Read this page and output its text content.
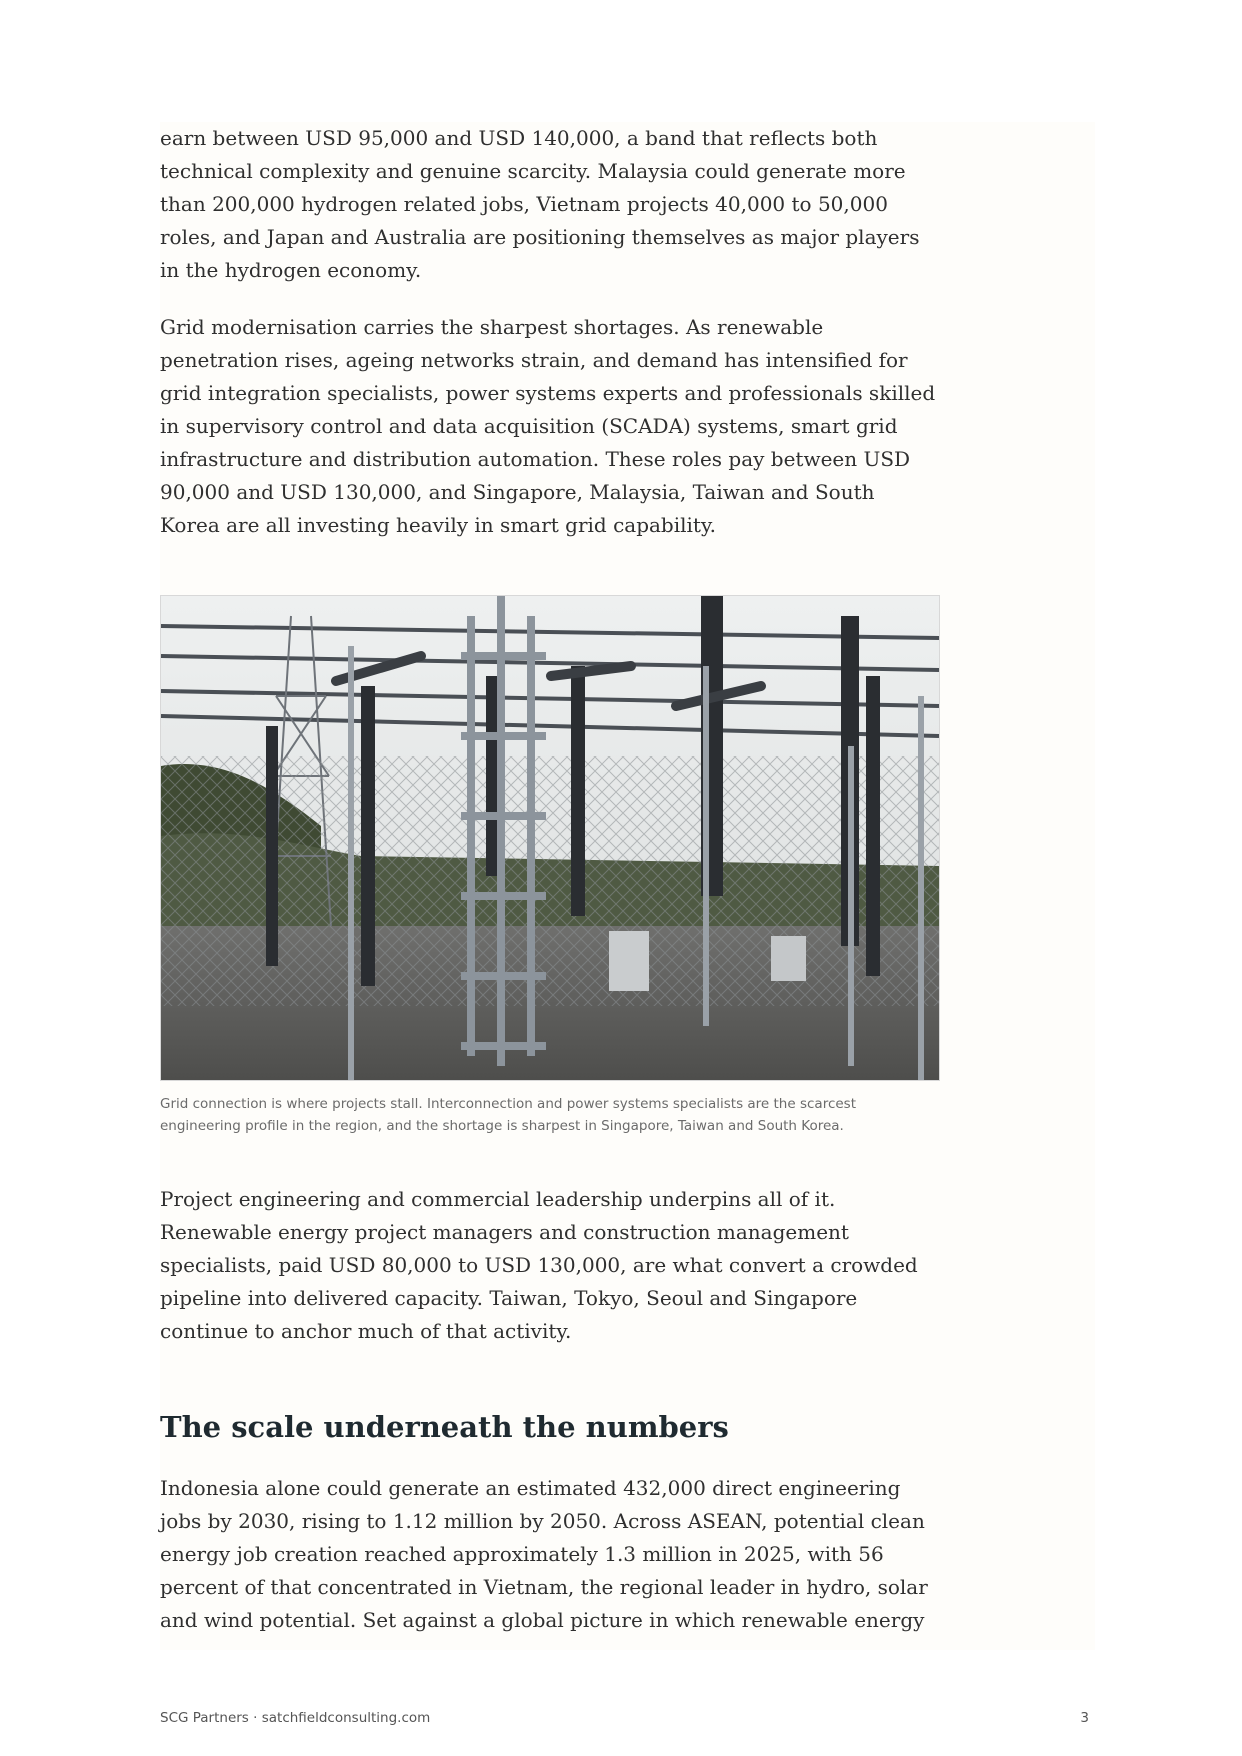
earn between USD 95,000 and USD 140,000, a band that reflects both technical complexity and genuine scarcity. Malaysia could generate more than 200,000 hydrogen related jobs, Vietnam projects 40,000 to 50,000 roles, and Japan and Australia are positioning themselves as major players in the hydrogen economy.

Grid modernisation carries the sharpest shortages. As renewable penetration rises, ageing networks strain, and demand has intensified for grid integration specialists, power systems experts and professionals skilled in supervisory control and data acquisition (SCADA) systems, smart grid infrastructure and distribution automation. These roles pay between USD 90,000 and USD 130,000, and Singapore, Malaysia, Taiwan and South Korea are all investing heavily in smart grid capability.

Grid connection is where projects stall. Interconnection and power systems specialists are the scarcest engineering profile in the region, and the shortage is sharpest in Singapore, Taiwan and South Korea.

Project engineering and commercial leadership underpins all of it. Renewable energy project managers and construction management specialists, paid USD 80,000 to USD 130,000, are what convert a crowded pipeline into delivered capacity. Taiwan, Tokyo, Seoul and Singapore continue to anchor much of that activity.

The scale underneath the numbers

Indonesia alone could generate an estimated 432,000 direct engineering jobs by 2030, rising to 1.12 million by 2050. Across ASEAN, potential clean energy job creation reached approximately 1.3 million in 2025, with 56 percent of that concentrated in Vietnam, the regional leader in hydro, solar and wind potential. Set against a global picture in which renewable energy

SCG Partners · satchfieldconsulting.com	3
